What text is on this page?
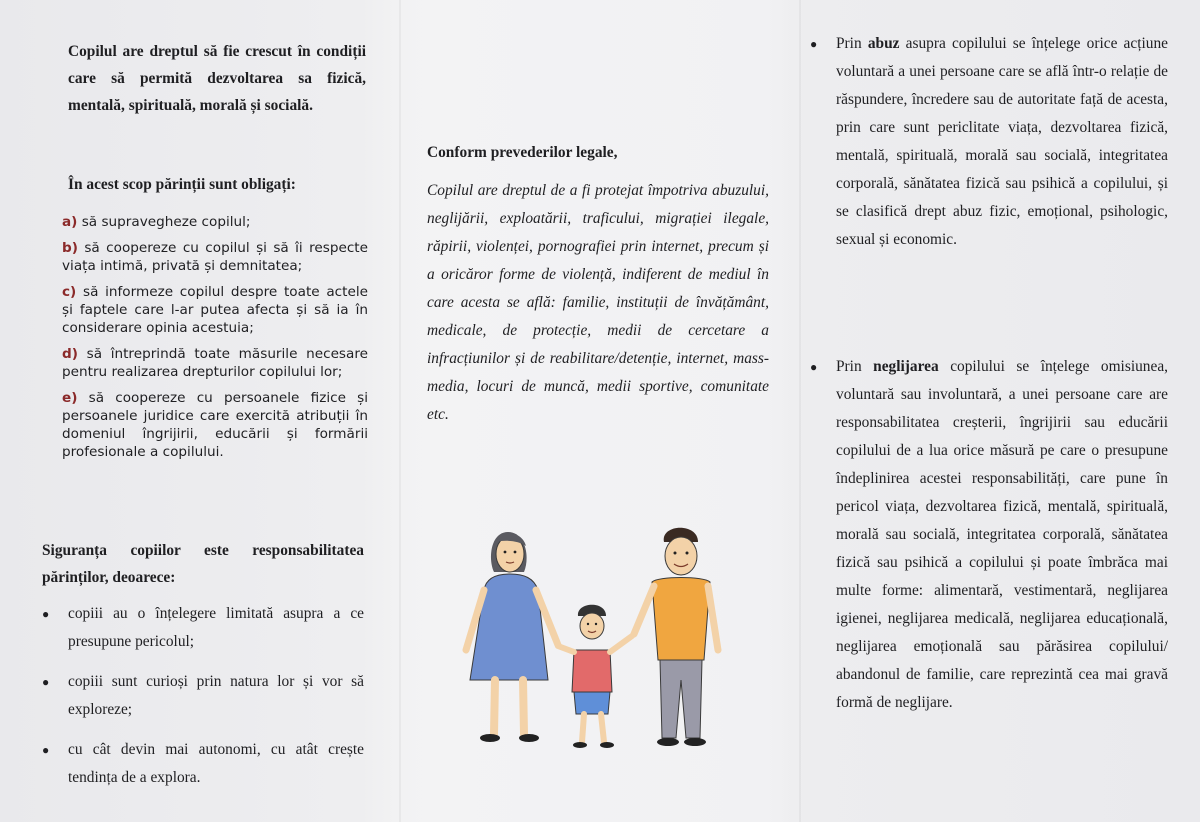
Copilul are dreptul să fie crescut în condiții care să permită dezvoltarea sa fizică, mentală, spirituală, morală și socială.

În acest scop părinții sunt obligați:
a) să supravegheze copilul;
b) să coopereze cu copilul și să îi respecte viața intimă, privată și demnitatea;
c) să informeze copilul despre toate actele și faptele care l-ar putea afecta și să ia în considerare opinia acestuia;
d) să întreprindă toate măsurile necesare pentru realizarea drepturilor copilului lor;
e) să coopereze cu persoanele fizice și persoanele juridice care exercită atribuții în domeniul îngrijirii, educării și formării profesionale a copilului.

Siguranța copiilor este responsabilitatea părinților, deoarece:

● copiii au o înțelegere limitată asupra a ce presupune pericolul;
● copiii sunt curioși prin natura lor și vor să exploreze;
● cu cât devin mai autonomi, cu atât crește tendința de a explora.
Conform prevederilor legale,

Copilul are dreptul de a fi protejat împotriva abuzului, neglijării, exploatării, traficului, migrației ilegale, răpirii, violenței, pornografiei prin internet, precum și a oricăror forme de violență, indiferent de mediul în care acesta se află: familie, instituții de învățământ, medicale, de protecție, medii de cercetare a infracțiunilor și de reabilitare/detenție, internet, mass-media, locuri de muncă, medii sportive, comunitate etc.

● Prin abuz asupra copilului se înțelege orice acțiune voluntară a unei persoane care se află într-o relație de răspundere, încredere sau de autoritate față de acesta, prin care sunt periclitate viața, dezvoltarea fizică, mentală, spirituală, morală sau socială, integritatea corporală, sănătatea fizică sau psihică a copilului, și se clasifică drept abuz fizic, emoțional, psihologic, sexual și economic.
● Prin neglijarea copilului se înțelege omisiunea, voluntară sau involuntară, a unei persoane care are responsabilitatea creșterii, îngrijirii sau educării copilului de a lua orice măsură pe care o presupune îndeplinirea acestei responsabilități, care pune în pericol viața, dezvoltarea fizică, mentală, spirituală, morală sau socială, integritatea corporală, sănătatea fizică sau psihică a copilului și poate îmbrăca mai multe forme: alimentară, vestimentară, neglijarea igienei, neglijarea medicală, neglijarea educațională, neglijarea emoțională sau părăsirea copilului/ abandonul de familie, care reprezintă cea mai gravă formă de neglijare.
